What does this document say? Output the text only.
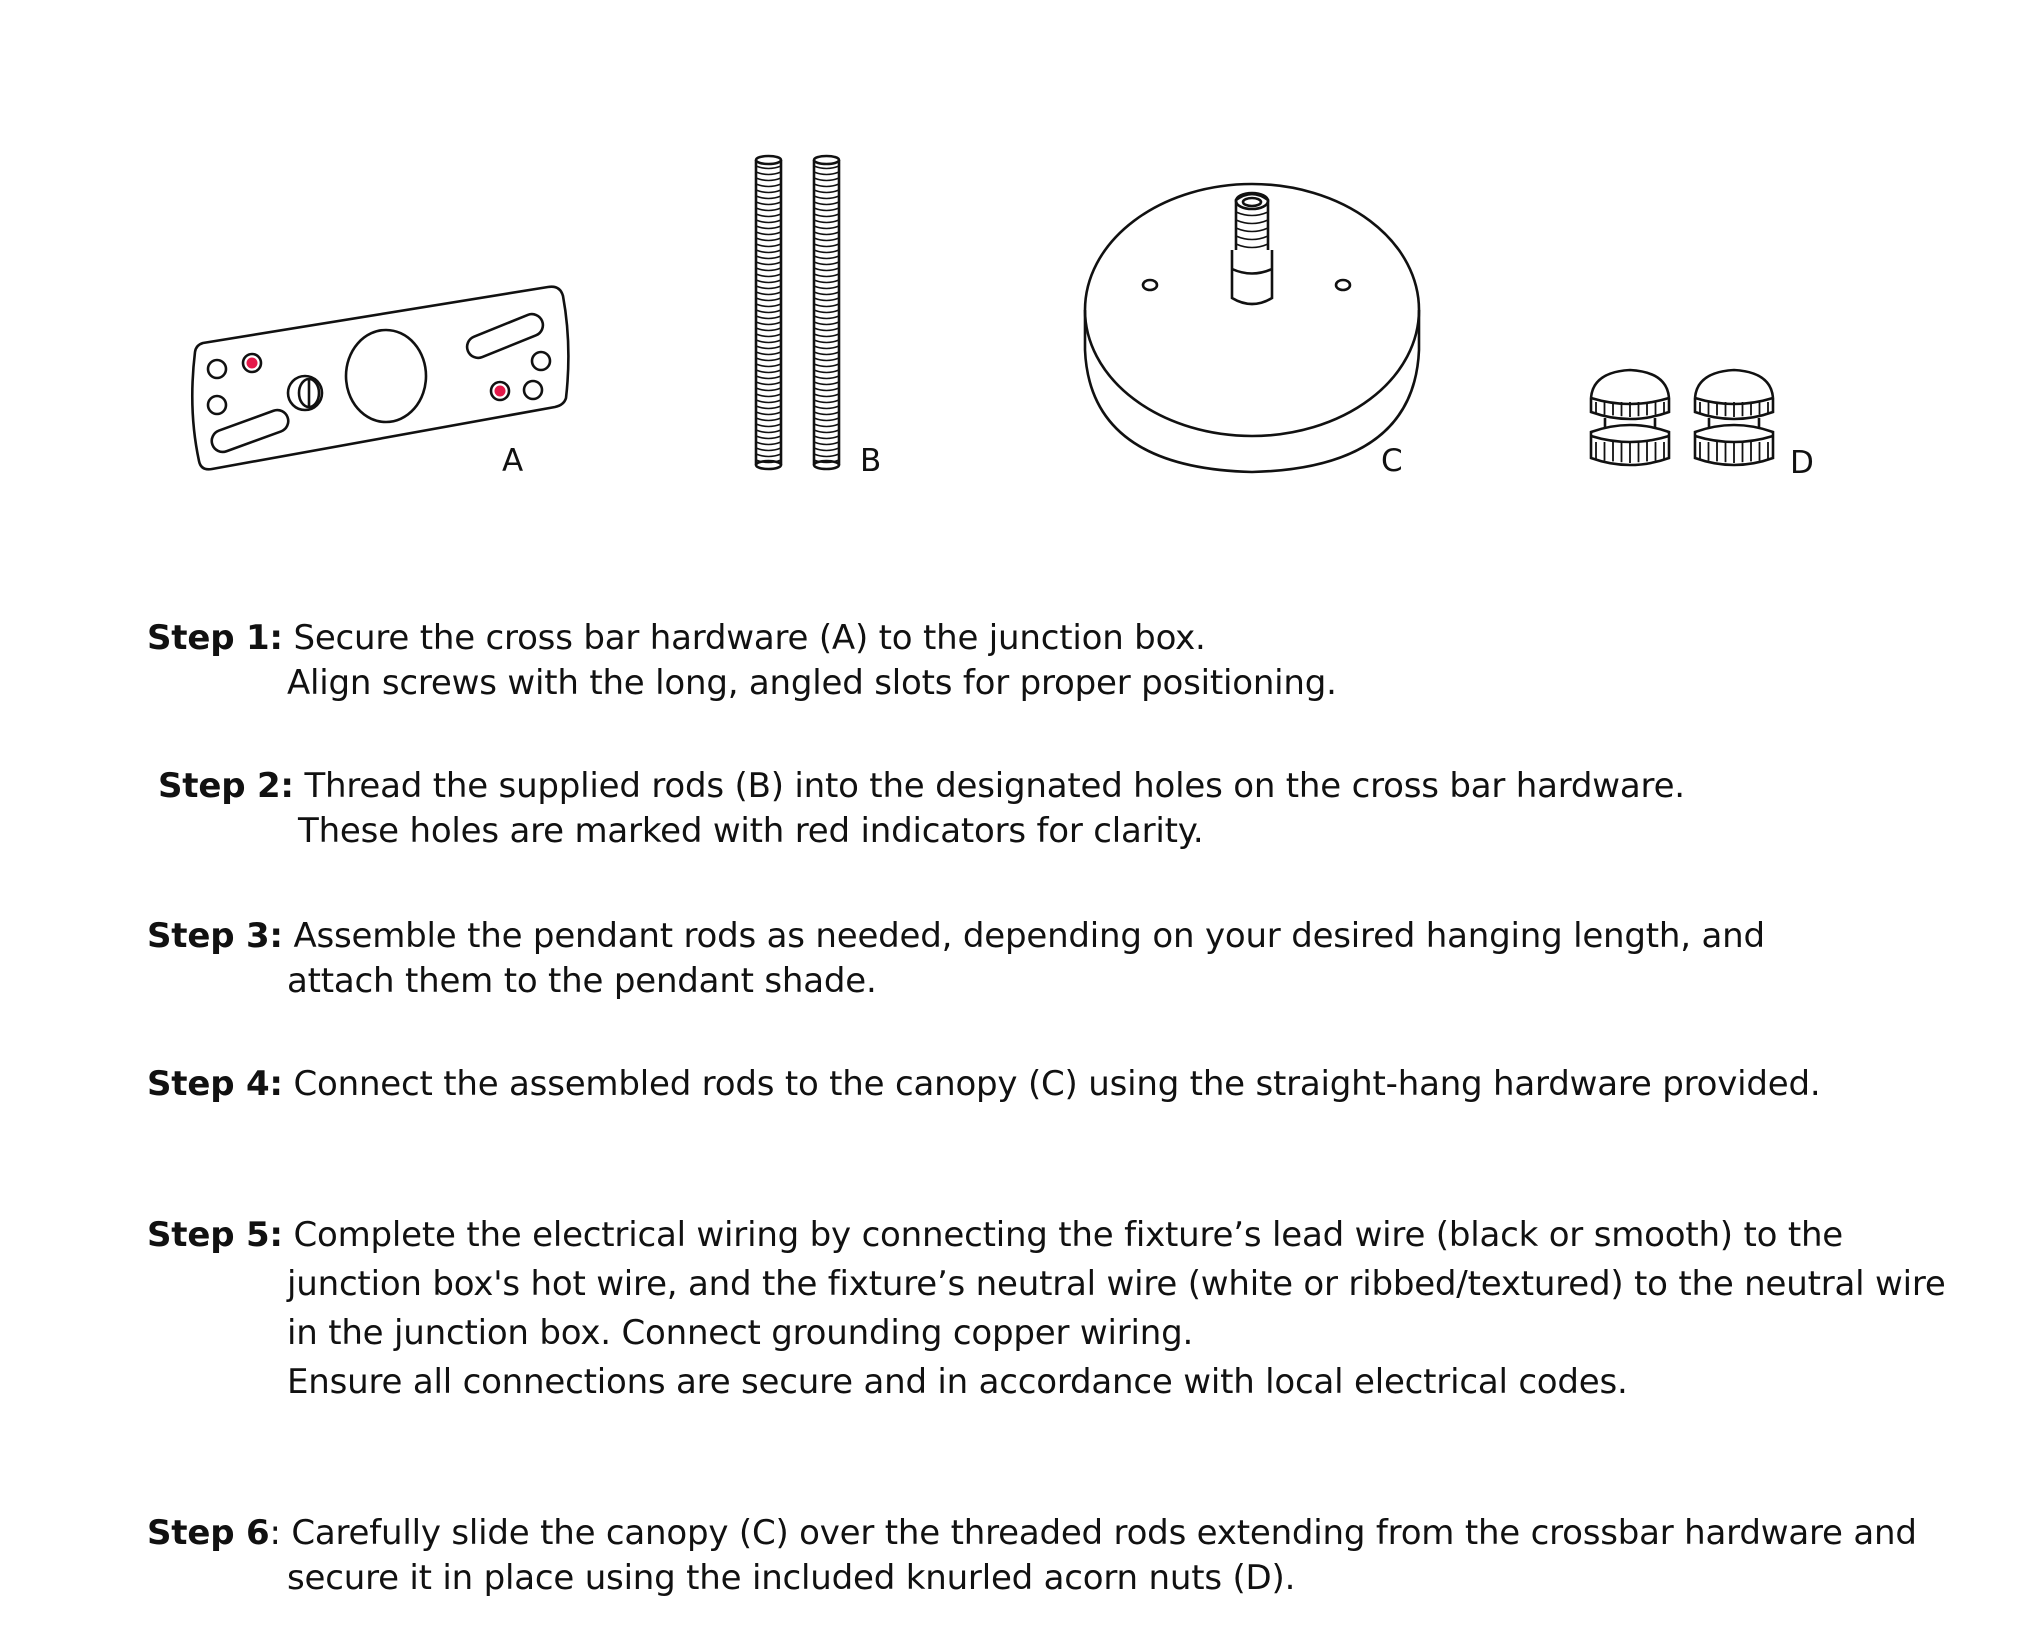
A	B	C	D
Step 1: Secure the cross bar hardware (A) to the junction box.
Align screws with the long, angled slots for proper positioning.
Step 2: Thread the supplied rods (B) into the designated holes on the cross bar hardware.
These holes are marked with red indicators for clarity.
Step 3: Assemble the pendant rods as needed, depending on your desired hanging length, and
attach them to the pendant shade.
Step 4: Connect the assembled rods to the canopy (C) using the straight-hang hardware provided.
Step 5: Complete the electrical wiring by connecting the fixture’s lead wire (black or smooth) to the
junction box's hot wire, and the fixture’s neutral wire (white or ribbed/textured) to the neutral wire
in the junction box. Connect grounding copper wiring.
Ensure all connections are secure and in accordance with local electrical codes.
Step 6: Carefully slide the canopy (C) over the threaded rods extending from the crossbar hardware and
secure it in place using the included knurled acorn nuts (D).
